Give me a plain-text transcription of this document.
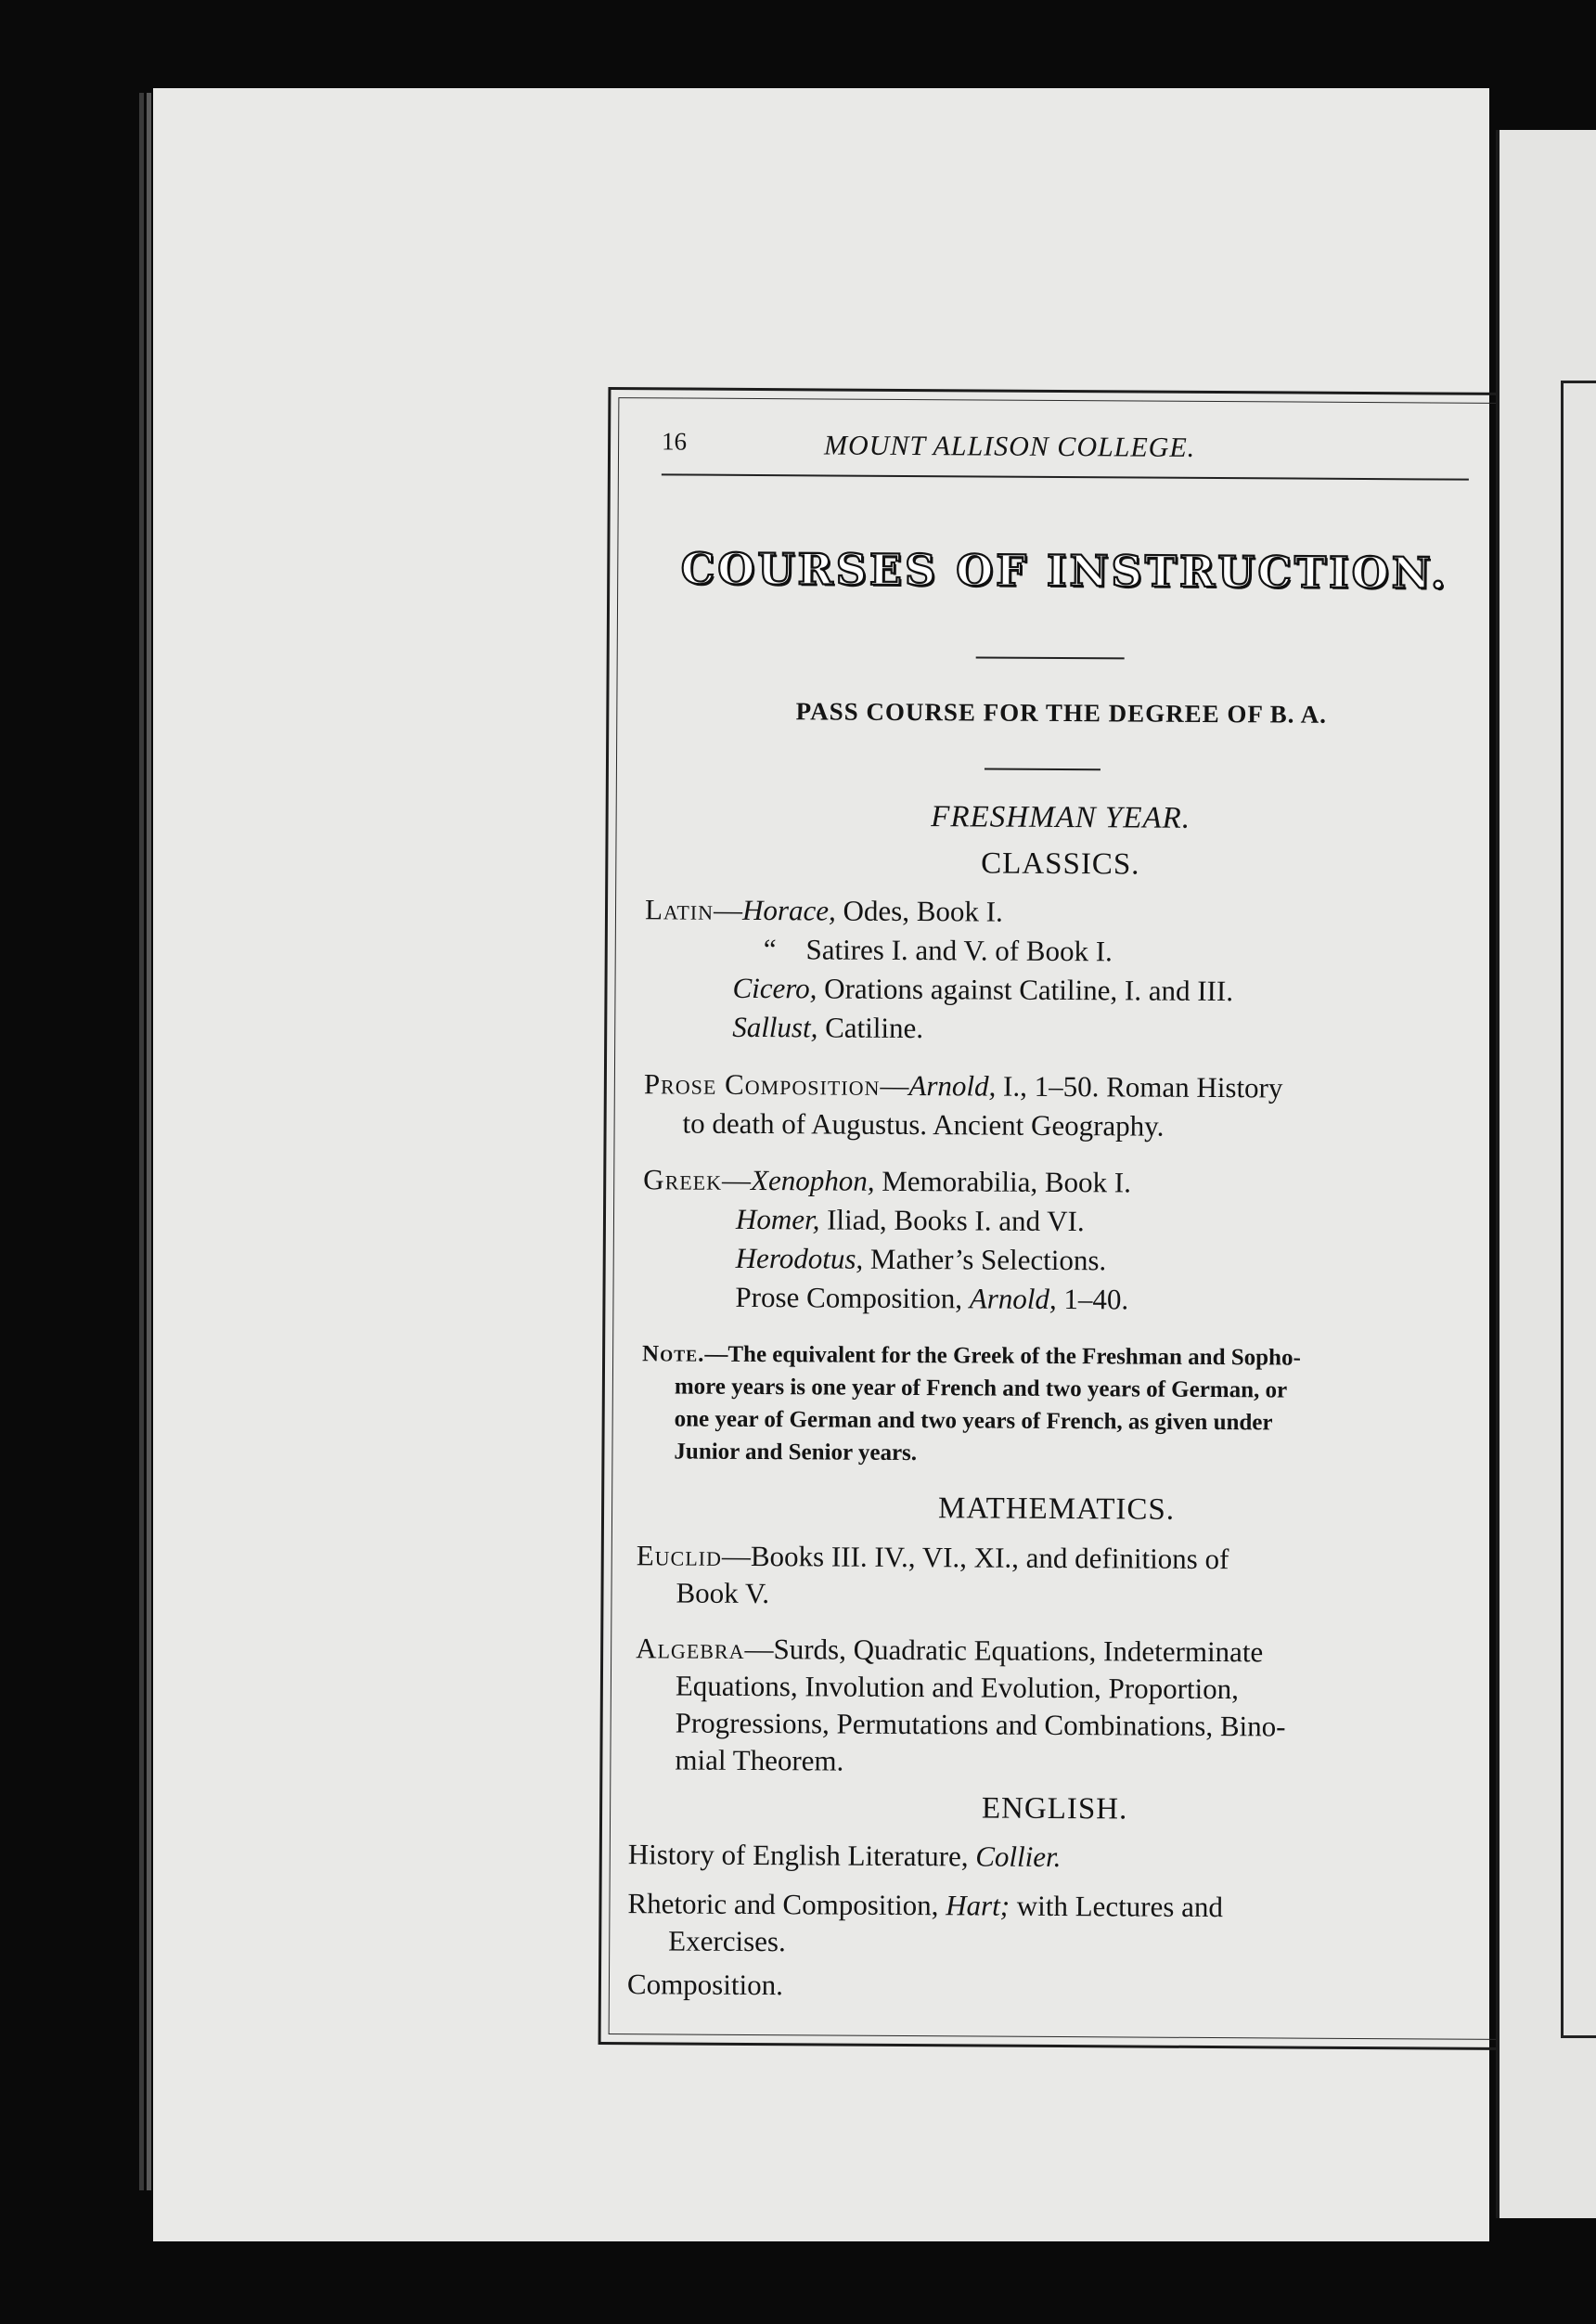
16	MOUNT ALLISON COLLEGE.
COURSES OF INSTRUCTION.
PASS COURSE FOR THE DEGREE OF B. A.
FRESHMAN YEAR.
CLASSICS.
Latin—Horace, Odes, Book I.
“ Satires I. and V. of Book I.
Cicero, Orations against Catiline, I. and III.
Sallust, Catiline.
Prose Composition—Arnold, I., 1–50. Roman History
to death of Augustus. Ancient Geography.
Greek—Xenophon, Memorabilia, Book I.
Homer, Iliad, Books I. and VI.
Herodotus, Mather’s Selections.
Prose Composition, Arnold, 1–40.
Note.—The equivalent for the Greek of the Freshman and Sopho-
more years is one year of French and two years of German, or
one year of German and two years of French, as given under
Junior and Senior years.
MATHEMATICS.
Euclid—Books III. IV., VI., XI., and definitions of
Book V.
Algebra—Surds, Quadratic Equations, Indeterminate
Equations, Involution and Evolution, Proportion,
Progressions, Permutations and Combinations, Bino-
mial Theorem.
ENGLISH.
History of English Literature, Collier.
Rhetoric and Composition, Hart; with Lectures and
Exercises.
Composition.
